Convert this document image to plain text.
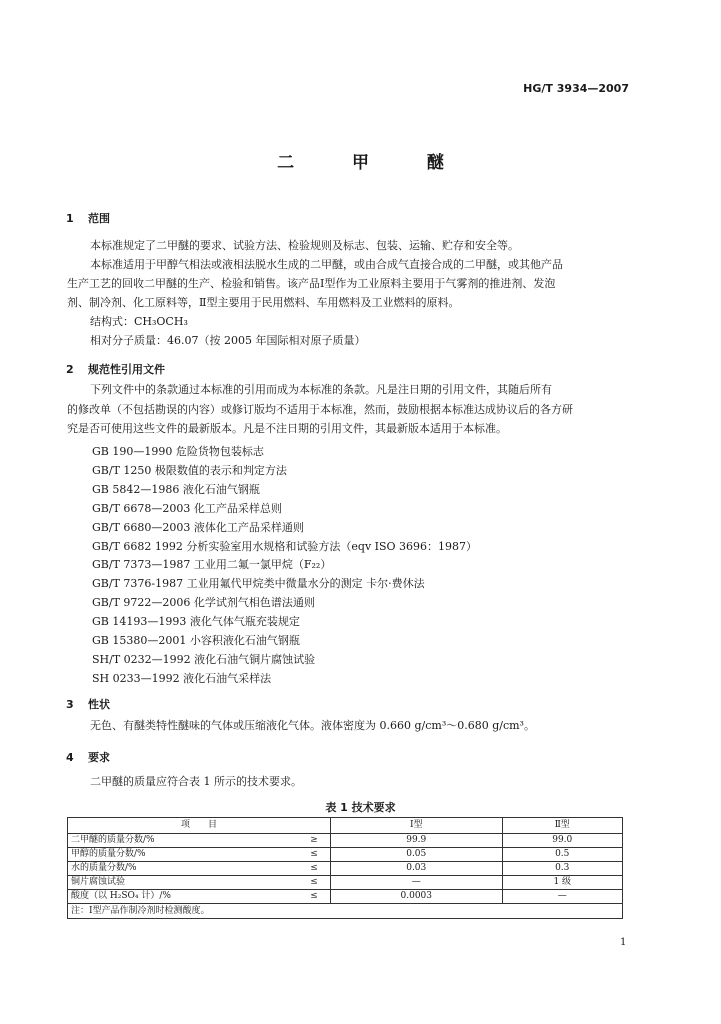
HG/T 3934—2007
二 甲 醚
1 范围
本标准规定了二甲醚的要求、试验方法、检验规则及标志、包装、运输、贮存和安全等。
本标准适用于甲醇气相法或液相法脱水生成的二甲醚，或由合成气直接合成的二甲醚，或其他产品
生产工艺的回收二甲醚的生产、检验和销售。该产品Ⅰ型作为工业原料主要用于气雾剂的推进剂、发泡
剂、制冷剂、化工原料等，Ⅱ型主要用于民用燃料、车用燃料及工业燃料的原料。
结构式：CH₃OCH₃
相对分子质量：46.07（按 2005 年国际相对原子质量）
2 规范性引用文件
下列文件中的条款通过本标准的引用而成为本标准的条款。凡是注日期的引用文件，其随后所有
的修改单（不包括勘误的内容）或修订版均不适用于本标准，然而，鼓励根据本标准达成协议后的各方研
究是否可使用这些文件的最新版本。凡是不注日期的引用文件，其最新版本适用于本标准。
GB 190—1990 危险货物包装标志
GB/T 1250 极限数值的表示和判定方法
GB 5842—1986 液化石油气钢瓶
GB/T 6678—2003 化工产品采样总则
GB/T 6680—2003 液体化工产品采样通则
GB/T 6682 1992 分析实验室用水规格和试验方法（eqv ISO 3696：1987）
GB/T 7373—1987 工业用二氟一氯甲烷（F₂₂）
GB/T 7376-1987 工业用氟代甲烷类中微量水分的测定 卡尔·费休法
GB/T 9722—2006 化学试剂气相色谱法通则
GB 14193—1993 液化气体气瓶充装规定
GB 15380—2001 小容积液化石油气钢瓶
SH/T 0232—1992 液化石油气铜片腐蚀试验
SH 0233—1992 液化石油气采样法
3 性状
无色、有醚类特性醚味的气体或压缩液化气体。液体密度为 0.660 g/cm³～0.680 g/cm³。
4 要求
二甲醚的质量应符合表 1 所示的技术要求。
表 1 技术要求
项　　目		Ⅰ型	Ⅱ型
二甲醚的质量分数/%	≥	99.9	99.0
甲醇的质量分数/%	≤	0.05	0.5
水的质量分数/%	≤	0.03	0.3
铜片腐蚀试验	≤	—	1 级
酸度（以 H₂SO₄ 计）/%	≤	0.0003	—
注：Ⅰ型产品作制冷剂时检测酸度。			
1
